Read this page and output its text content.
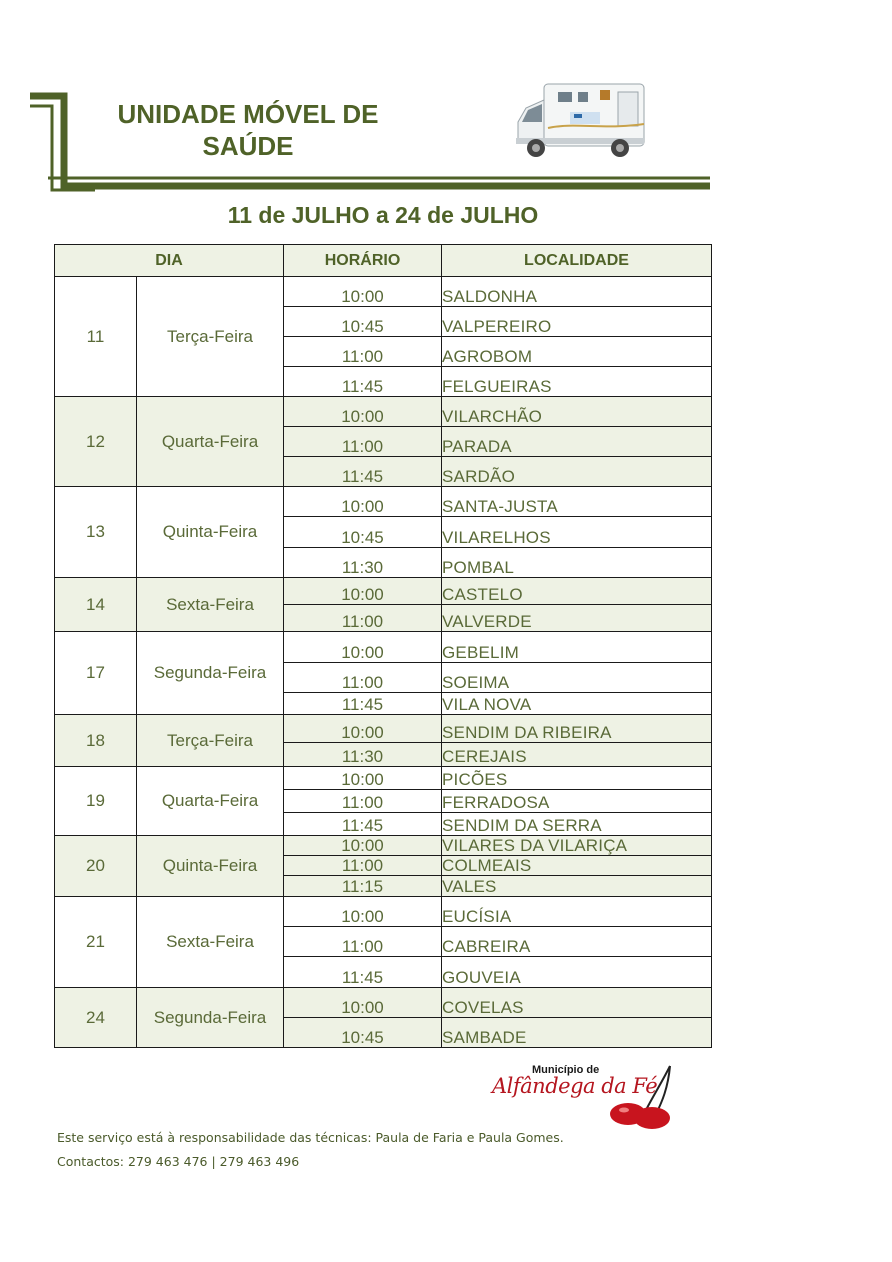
UNIDADE MÓVEL DE
SAÚDE
11 de JULHO a 24 de JULHO
DIA		HORÁRIO	LOCALIDADE
11	Terça-Feira	10:00	SALDONHA
		10:45	VALPEREIRO
		11:00	AGROBOM
		11:45	FELGUEIRAS
12	Quarta-Feira	10:00	VILARCHÃO
		11:00	PARADA
		11:45	SARDÃO
13	Quinta-Feira	10:00	SANTA-JUSTA
		10:45	VILARELHOS
		11:30	POMBAL
14	Sexta-Feira	10:00	CASTELO
		11:00	VALVERDE
17	Segunda-Feira	10:00	GEBELIM
		11:00	SOEIMA
		11:45	VILA NOVA
18	Terça-Feira	10:00	SENDIM DA RIBEIRA
		11:30	CEREJAIS
19	Quarta-Feira	10:00	PICÕES
		11:00	FERRADOSA
		11:45	SENDIM DA SERRA
20	Quinta-Feira	10:00	VILARES DA VILARIÇA
		11:00	COLMEAIS
		11:15	VALES
21	Sexta-Feira	10:00	EUCÍSIA
		11:00	CABREIRA
		11:45	GOUVEIA
24	Segunda-Feira	10:00	COVELAS
		10:45	SAMBADE
Município de
Alfândega da Fé
Este serviço está à responsabilidade das técnicas: Paula de Faria e Paula Gomes.
Contactos: 279 463 476 | 279 463 496
